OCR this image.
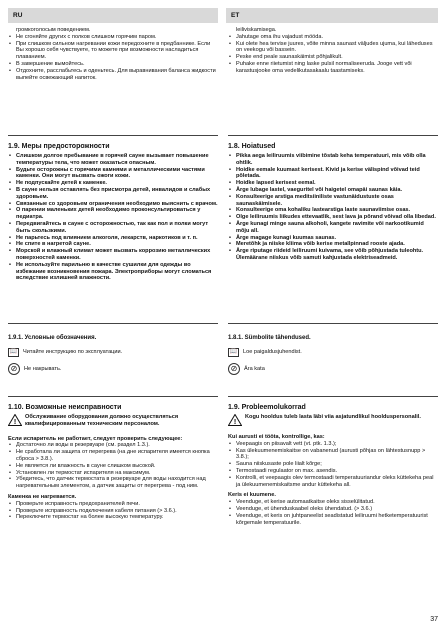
RU	ET
громкоголосым поведением.
• Не сгоняйте других с полков слишком горячим паром.
• При слишком сильном нагревании кожи передохните в предбаннике. Если Вы хорошо себя чувствуете, то можете при возможности насладиться плаванием.
• В завершение вымойтесь.
• Отдохните, расслабьтесь и оденьтесь. Для выравнивания баланса жидкости выпейте освежающий напиток.
1.9. Меры предосторожности
• Слишком долгое пребывание в горячей сауне вызывает повышение температуры тела, что может оказаться опасным.
• Будьте осторожны с горячими камнями и металлическими частями каменки. Они могут вызвать ожоги кожи.
• Не подпускайте детей к каменке.
• В сауне нельзя оставлять без присмотра детей, инвалидов и слабых здоровьем.
• Связанные со здоровьем ограничения необходимо выяснить с врачом.
• О парении маленьких детей необходимо проконсультироваться у педиатра.
• Передвигайтесь в сауне с осторожностью, так как пол и полки могут быть скользкими.
• Не парьтесь под влиянием алкоголя, лекарств, наркотиков и т. п.
• Не спите в нагретой сауне.
• Морской и влажный климат может вызвать коррозию металлических поверхностей каменки.
• Не используйте парильню в качестве сушилки для одежды во избежание возникновения пожара. Электроприборы могут сломаться вследствие излишней влажности.
1.9.1. Условные обозначения.
📖	Читайте инструкцию по эксплуатации.
⊘	Не накрывать.
1.10. Возможные неисправности
!
Обслуживание оборудования должно осуществляться квалифицированным техническим персоналом.
Если испаритель не работает, следует проверить следующее:
• Достаточно ли воды в резервуаре (см. раздел 1.3.).
• Не сработала ли защита от перегрева (на дне испарителя имеется кнопка сброса > 3.8.).
• Не является ли влажность в сауне слишком высокой.
• Установлен ли термостат испарителя на максимум.
• Убедитесь, что датчик термостата в резервуаре для воды находится над нагревательным элементом, а датчик защиты от перегрева - под ним.
Каменка не нагревается.
• Проверьте исправность предохранителей печи.
• Проверьте исправность подключения кабеля питания (> 3.6.).
• Переключите термостат на более высокую температуру.
leiliviskamisega.
• Jahutage oma ihu vajadust mööda.
• Kui olete hea tervise juures, võite minna saunast väljudes ujuma, kui läheduses on veekogu või bassein.
• Peske end peale saunaskäimist põhjalikult.
• Puhake enne riietumist ning laske pulsil normaliseeruda. Jooge vett või karastusjooke oma vedelikutasakaalu taastamiseks.
1.8. Hoiatused
• Pikka aega leiliruumis viibimine tõstab keha temperatuuri, mis võib olla ohtlik.
• Hoidke eemale kuumast kerisest. Kivid ja kerise välispind võivad teid põletada.
• Hoidke lapsed kerisest eemal.
• Ärge lubage lastel, vaeguritel või haigetel omapäi saunas käia.
• Konsulteerige arstiga meditsiiniliste vastunäidustuste osas saunaskäimisele.
• Konsulteerige oma kohaliku lastearstiga laste saunaviimise osas.
• Olge leiliruumis liikudes ettevaatlik, sest lava ja põrand võivad olla libedad.
• Ärge kunagi minge sauna alkoholi, kangete ravimite või narkootikumid mõju all.
• Ärge magage kunagi kuumas saunas.
• Meretõhk ja niiske kliima võib kerise metallpinnad rooste ajada.
• Ärge riputage riideid leiliruumi kuivama, see võib põhjustada tuleohtu. Ülemäärane niiskus võib samuti kahjustada elektriseadmeid.
1.8.1. Sümbolite tähendused.
📖	Loe paigaldusjuhendist.
⊘	Ära kata
1.9. Probleemolukorrad
!
Kogu hooldus tuleb lasta läbi viia asjatundlikul hoolduspersonalil.
Kui aurusti ei tööta, kontrollige, kas:
• Veepaagis on piisavalt vett (vt. ptk. 1.3.);
• Kas ülekuumenemiskaitse on vabanenud (aurusti põhjas on lähtestusnupp > 3.8.);
• Sauna niiskusaste pole liialt kõrge;
• Termostaadi regulaator on max. asendis.
• Kontrolli, et veepaagis olev termostaadi temperatuuriandur oleks küttekeha peal ja ülekuumenemiskaitsme andur küttekeha all.
Keris ei kuumene.
• Veenduge, et kerise automaatkaitse oleks sisselülitatud.
• Veenduge, et ühenduskaabel oleks ühendatud. (> 3.6.)
• Veenduge, et keris on juhtpaneelist seadistatud leiliruumi hetketemperatuurist kõrgemale temperatuurile.
37
